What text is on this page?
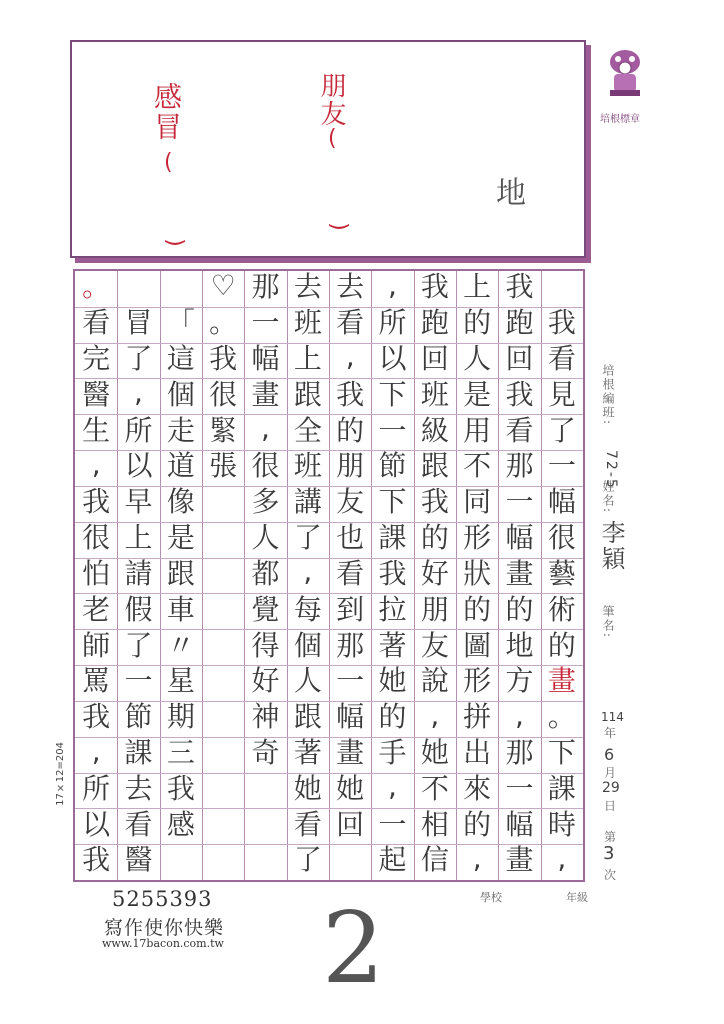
朋友
(
)
感冒
(
)
地
培根標章
我
看
見
了
一
幅
很
藝
術
的
畫
。
下
課
時
,
我
跑
回
我
看
那
一
幅
畫
的
地
方
,
那
一
幅
畫
上
的
人
是
用
不
同
形
狀
的
圖
形
拼
出
來
的
,
我
跑
回
班
級
跟
我
的
好
朋
友
說
,
她
不
相
信
,
所
以
下
一
節
下
課
我
拉
著
她
的
手
,
一
起
去
看
,
我
的
朋
友
也
看
到
那
一
幅
畫
她
回
去
班
上
跟
全
班
講
了
,
每
個
人
跟
著
她
看
了
那
一
幅
畫
,
很
多
人
都
覺
得
好
神
奇
♡
。
我
很
緊
張
「
這
個
走
道
像
是
跟
車
〃
星
期
三
我
感
冒
了
,
所
以
早
上
請
假
了
一
節
課
去
看
醫
。
看
完
醫
生
,
我
很
怕
老
師
罵
我
,
所
以
我
17×12=204
培根編班:
72-5
姓名:
李穎
筆名:
114
年
6
月
29
日
第
3
次
學校	年級
5255393
寫作使你快樂
www.17bacon.com.tw 2
